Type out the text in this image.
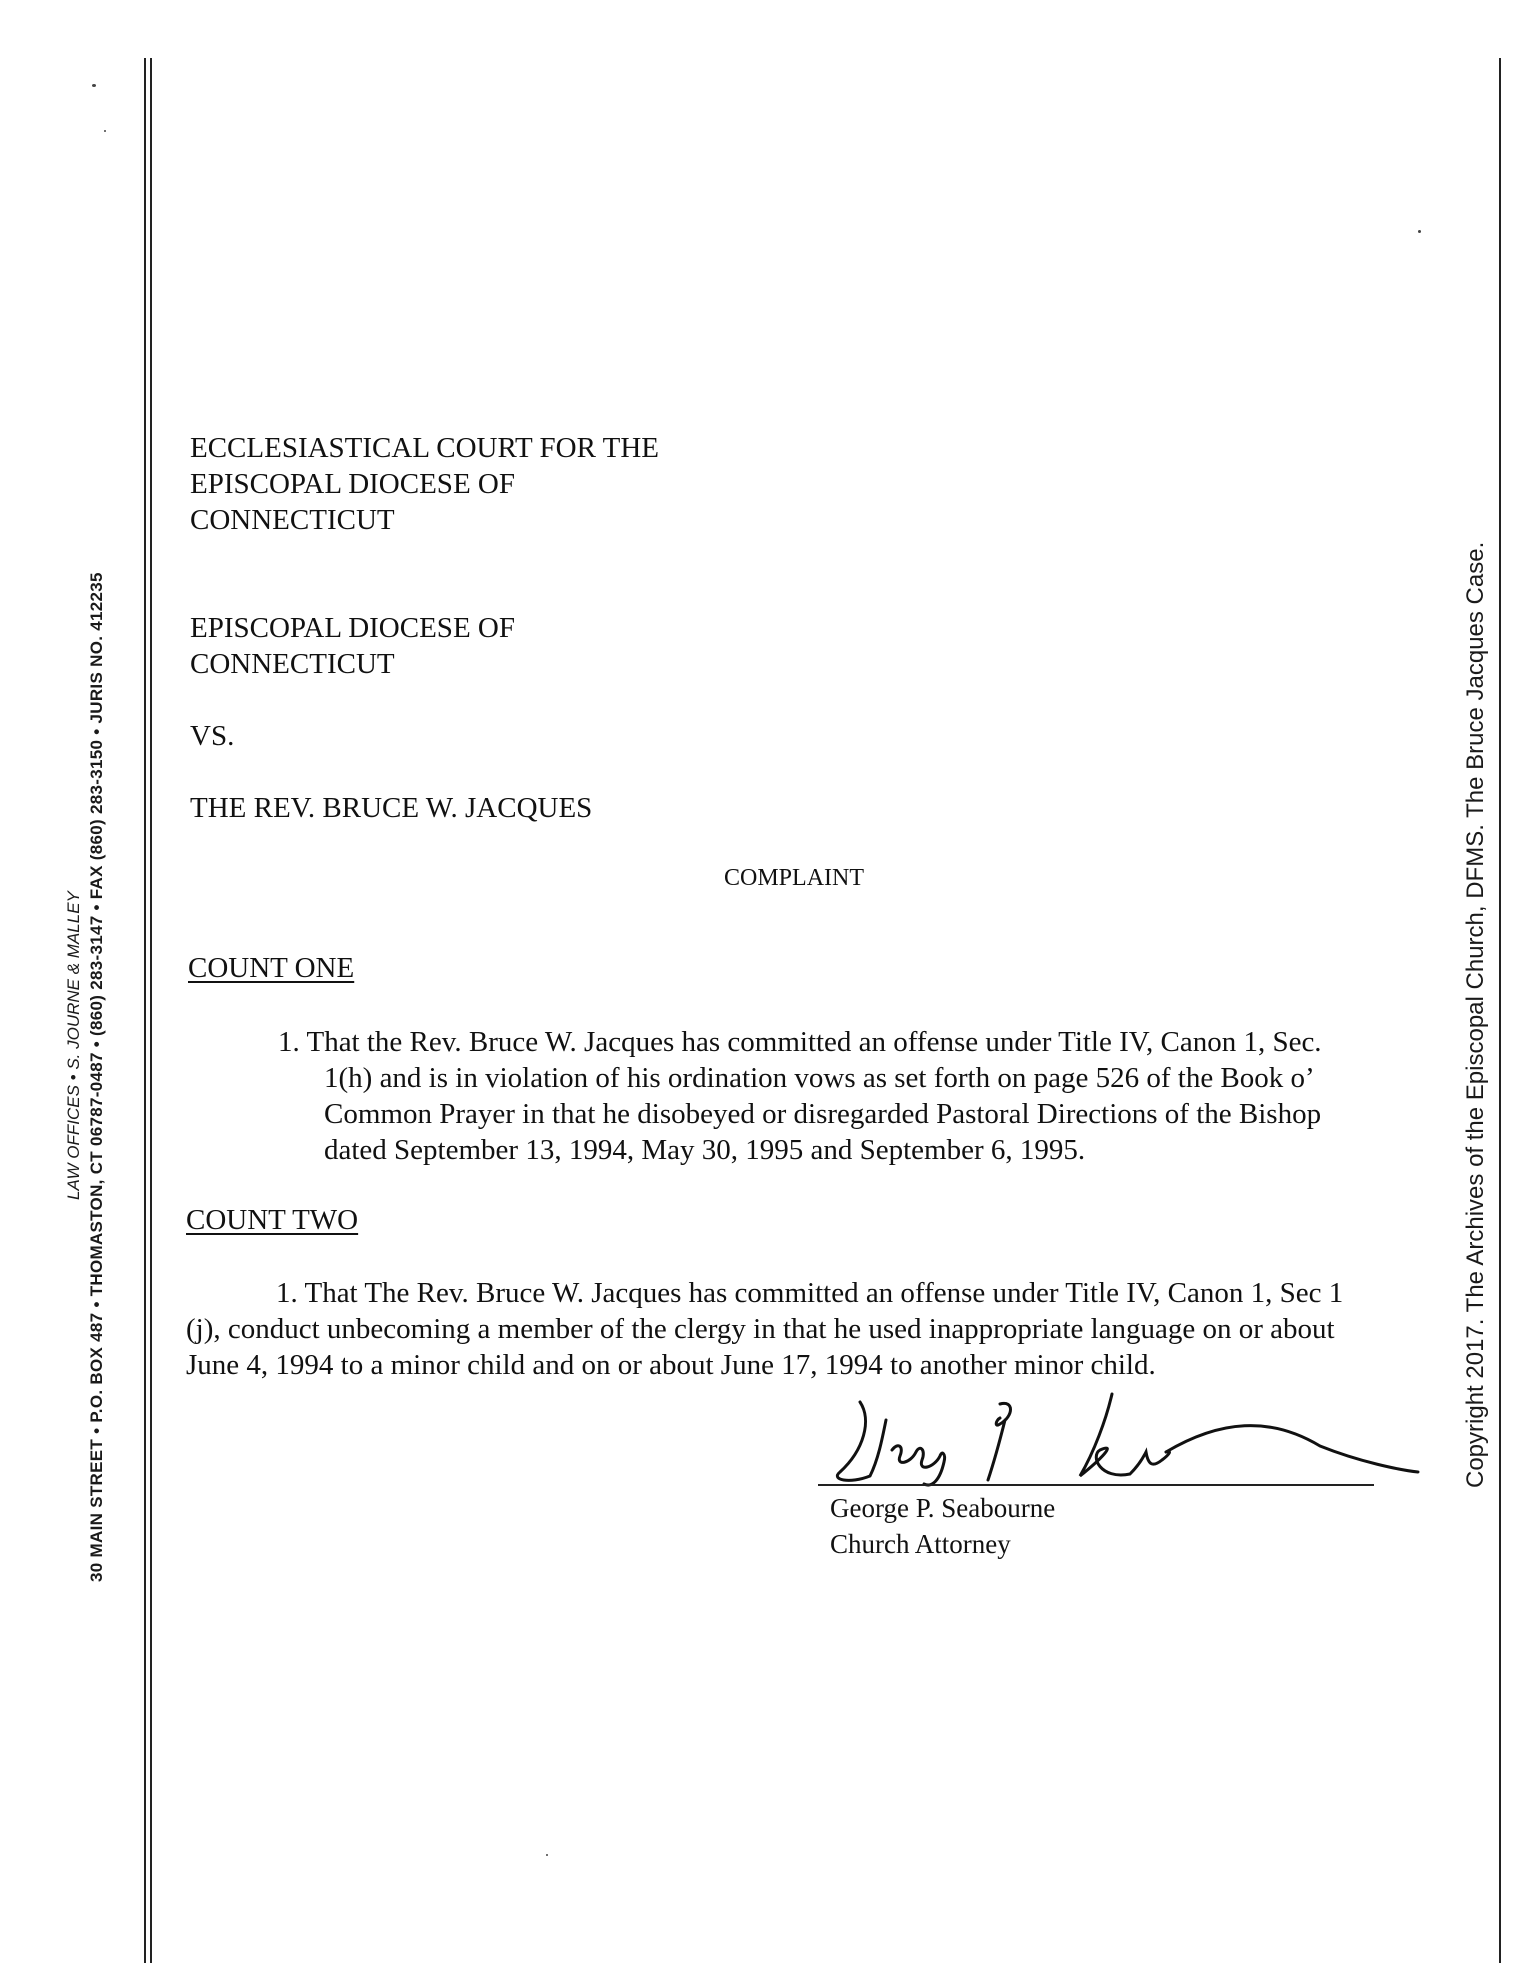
LAW OFFICES • S. JOURNE & MALLEY 30 MAIN STREET • P.O. BOX 487 • THOMASTON, CT 06787-0487 • (860) 283-3147 • FAX (860) 283-3150 • JURIS NO. 412235	Copyright 2017. The Archives of the Episcopal Church, DFMS. The Bruce Jacques Case.
ECCLESIASTICAL COURT FOR THE
EPISCOPAL DIOCESE OF
CONNECTICUT
EPISCOPAL DIOCESE OF
CONNECTICUT
VS.
THE REV. BRUCE W. JACQUES
COMPLAINT
COUNT ONE
1. That the Rev. Bruce W. Jacques has committed an offense under Title IV, Canon 1, Sec.
1(h) and is in violation of his ordination vows as set forth on page 526 of the Book o’
Common Prayer in that he disobeyed or disregarded Pastoral Directions of the Bishop
dated September 13, 1994, May 30, 1995 and September 6, 1995.
COUNT TWO
1. That The Rev. Bruce W. Jacques has committed an offense under Title IV, Canon 1, Sec 1
(j), conduct unbecoming a member of the clergy in that he used inappropriate language on or about
June 4, 1994 to a minor child and on or about June 17, 1994 to another minor child.
George P. Seabourne
Church Attorney
